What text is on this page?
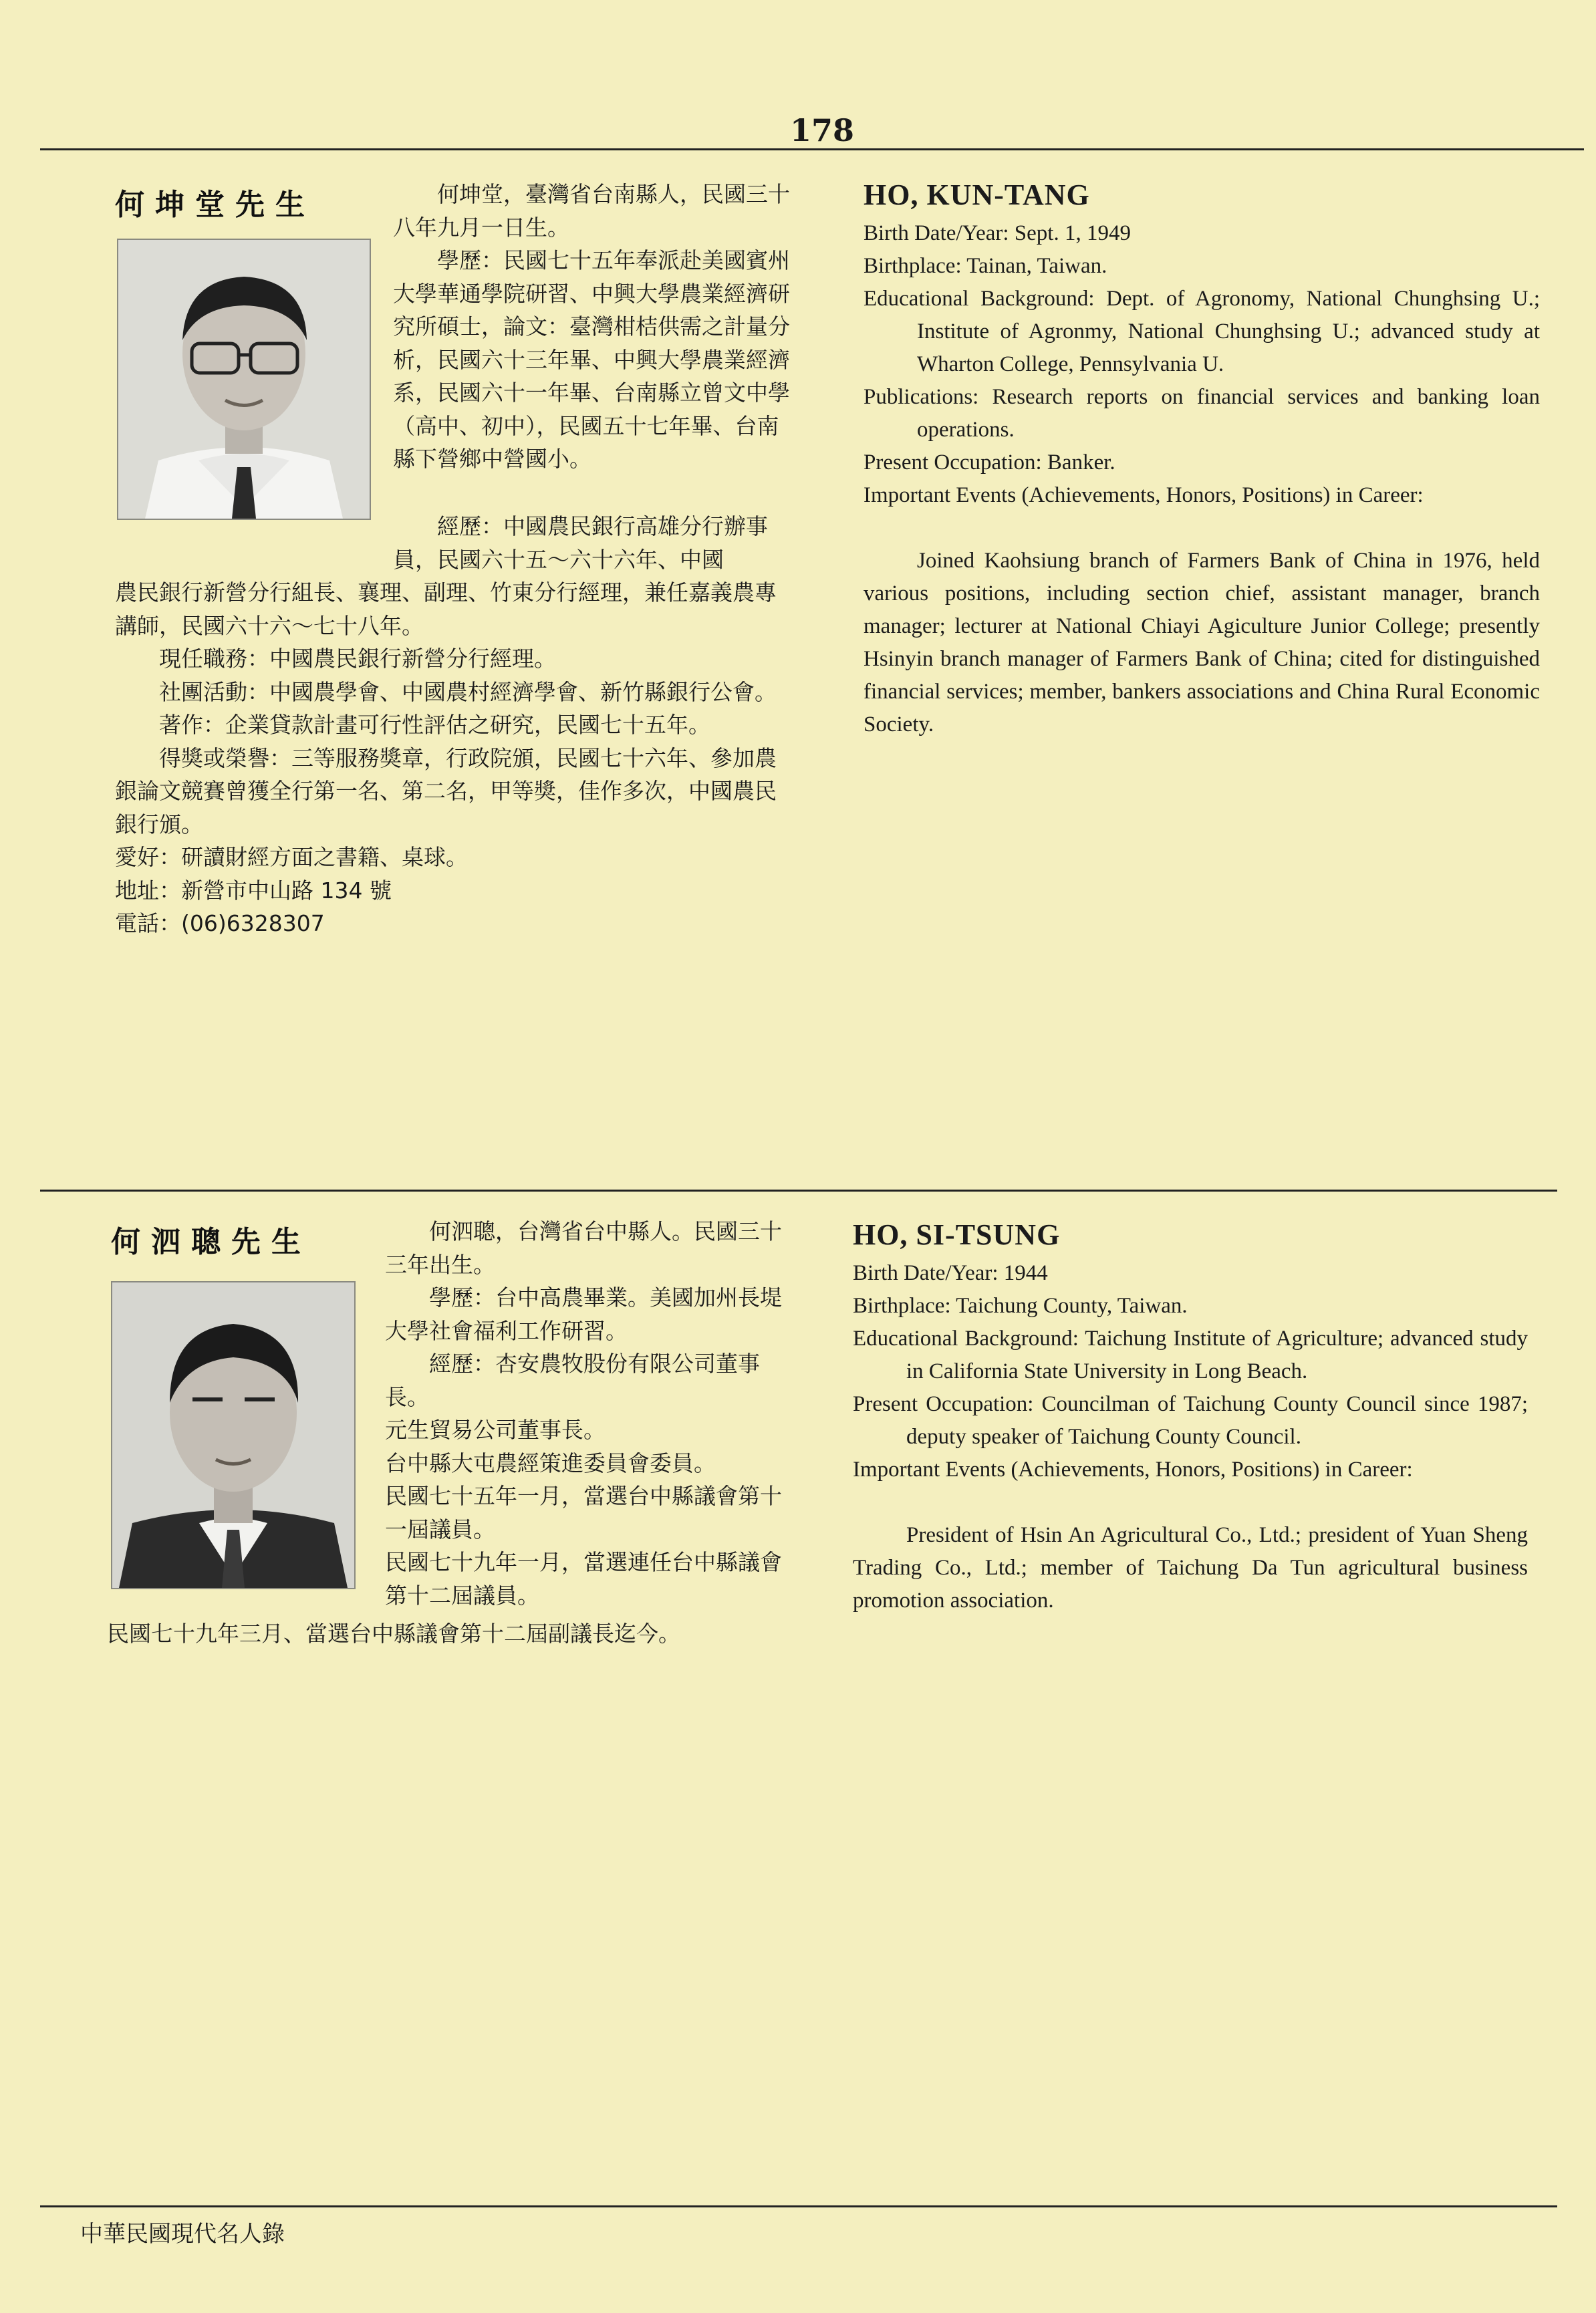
178
何坤堂先生	何坤堂，臺灣省台南縣人，民國三十八年九月一日生。

學歷：民國七十五年奉派赴美國賓州大學華通學院研習、中興大學農業經濟研究所碩士，論文：臺灣柑桔供需之計量分析，民國六十三年畢、中興大學農業經濟系，民國六十一年畢、台南縣立曾文中學（高中、初中），民國五十七年畢、台南縣下營鄉中營國小。

經歷：中國農民銀行高雄分行辦事員，民國六十五～六十六年、中國

農民銀行新營分行組長、襄理、副理、竹東分行經理，兼任嘉義農專講師，民國六十六～七十八年。

現任職務：中國農民銀行新營分行經理。

社團活動：中國農學會、中國農村經濟學會、新竹縣銀行公會。

著作：企業貸款計畫可行性評估之研究，民國七十五年。

得獎或榮譽：三等服務獎章，行政院頒，民國七十六年、參加農銀論文競賽曾獲全行第一名、第二名，甲等獎，佳作多次，中國農民銀行頒。

愛好：研讀財經方面之書籍、桌球。

地址：新營市中山路 134 號

電話：(06)6328307

HO, KUN-TANG

Birth Date/Year: Sept. 1, 1949

Birthplace: Tainan, Taiwan.

Educational Background: Dept. of Agronomy, National Chunghsing U.; Institute of Agronmy, National Chunghsing U.; advanced study at Wharton College, Pennsylvania U.

Publications: Research reports on financial services and banking loan operations.

Present Occupation: Banker.

Important Events (Achievements, Honors, Positions) in Career:

Joined Kaohsiung branch of Farmers Bank of China in 1976, held various positions, including section chief, assistant manager, branch manager; lecturer at National Chiayi Agiculture Junior College; presently Hsinyin branch manager of Farmers Bank of China; cited for distinguished financial services; member, bankers associations and China Rural Economic Society.

何泗聰先生	何泗聰，台灣省台中縣人。民國三十三年出生。

學歷：台中高農畢業。美國加州長堤大學社會福利工作研習。

經歷：杏安農牧股份有限公司董事長。

元生貿易公司董事長。

台中縣大屯農經策進委員會委員。

民國七十五年一月，當選台中縣議會第十一屆議員。

民國七十九年一月，當選連任台中縣議會第十二屆議員。

民國七十九年三月、當選台中縣議會第十二屆副議長迄今。

HO, SI-TSUNG

Birth Date/Year: 1944

Birthplace: Taichung County, Taiwan.

Educational Background: Taichung Institute of Agriculture; advanced study in California State University in Long Beach.

Present Occupation: Councilman of Taichung County Council since 1987; deputy speaker of Taichung County Council.

Important Events (Achievements, Honors, Positions) in Career:

President of Hsin An Agricultural Co., Ltd.; president of Yuan Sheng Trading Co., Ltd.; member of Taichung Da Tun agricultural business promotion association.

中華民國現代名人錄
